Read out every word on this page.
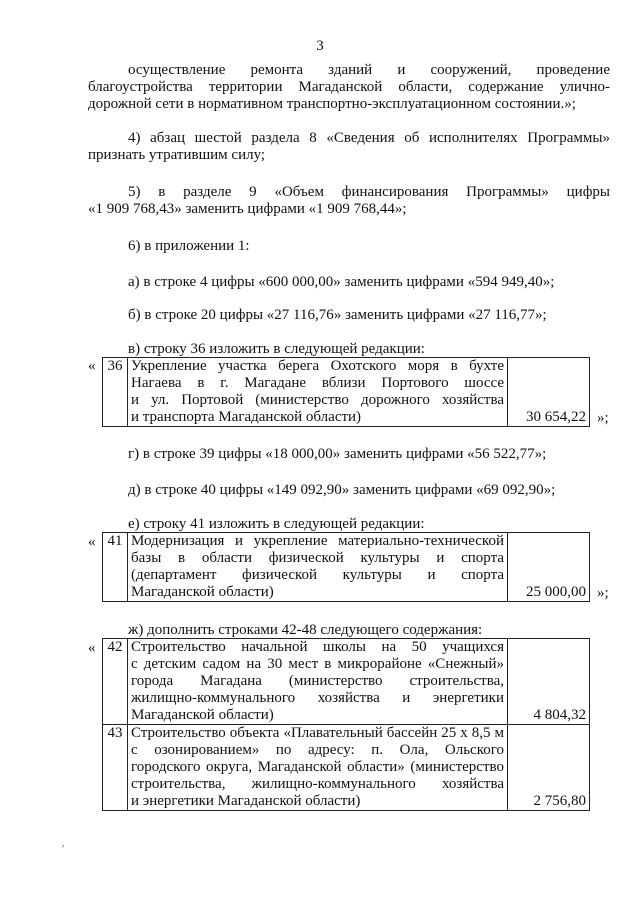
3
осуществление ремонта зданий и сооружений, проведение
благоустройства территории Магаданской области, содержание улично-
дорожной сети в нормативном транспортно-эксплуатационном состоянии.»;
4) абзац шестой раздела 8 «Сведения об исполнителях Программы»
признать утратившим силу;
5) в разделе 9 «Объем финансирования Программы» цифры
«1 909 768,43» заменить цифрами «1 909 768,44»;
6) в приложении 1:
а) в строке 4 цифры «600 000,00» заменить цифрами «594 949,40»;
б) в строке 20 цифры «27 116,76» заменить цифрами «27 116,77»;
в) строку 36 изложить в следующей редакции:
« 36	Укрепление участка берега Охотского моря в бухте
Нагаева в г. Магадане вблизи Портового шоссе
и ул. Портовой (министерство дорожного хозяйства
и транспорта Магаданской области)	30 654,22 »;
г) в строке 39 цифры «18 000,00» заменить цифрами «56 522,77»;
д) в строке 40 цифры «149 092,90» заменить цифрами «69 092,90»;
е) строку 41 изложить в следующей редакции:
« 41	Модернизация и укрепление материально-технической
базы в области физической культуры и спорта
(департамент физической культуры и спорта
Магаданской области)	25 000,00 »;
ж) дополнить строками 42-48 следующего содержания:
« 42	Строительство начальной школы на 50 учащихся
с детским садом на 30 мест в микрорайоне «Снежный»
города Магадана (министерство строительства,
жилищно-коммунального хозяйства и энергетики
Магаданской области)	4 804,32
43	Строительство объекта «Плавательный бассейн 25 х 8,5 м
с озонированием» по адресу: п. Ола, Ольского
городского округа, Магаданской области» (министерство
строительства, жилищно-коммунального хозяйства
и энергетики Магаданской области)	2 756,80
,
